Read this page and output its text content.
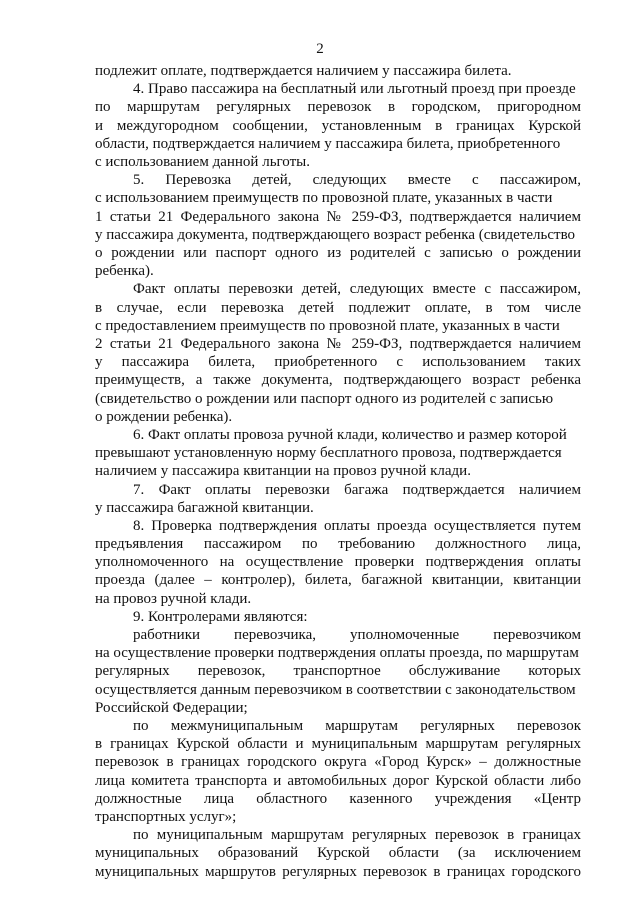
2
подлежит оплате, подтверждается наличием у пассажира билета.
4. Право пассажира на бесплатный или льготный проезд при проезде
по маршрутам регулярных перевозок в городском, пригородном
и междугородном сообщении, установленным в границах Курской
области, подтверждается наличием у пассажира билета, приобретенного
с использованием данной льготы.
5. Перевозка детей, следующих вместе с пассажиром,
с использованием преимуществ по провозной плате, указанных в части
1 статьи 21 Федерального закона № 259-ФЗ, подтверждается наличием
у пассажира документа, подтверждающего возраст ребенка (свидетельство
о рождении или паспорт одного из родителей с записью о рождении
ребенка).
Факт оплаты перевозки детей, следующих вместе с пассажиром,
в случае, если перевозка детей подлежит оплате, в том числе
с предоставлением преимуществ по провозной плате, указанных в части
2 статьи 21 Федерального закона № 259-ФЗ, подтверждается наличием
у пассажира билета, приобретенного с использованием таких
преимуществ, а также документа, подтверждающего возраст ребенка
(свидетельство о рождении или паспорт одного из родителей с записью
о рождении ребенка).
6. Факт оплаты провоза ручной клади, количество и размер которой
превышают установленную норму бесплатного провоза, подтверждается
наличием у пассажира квитанции на провоз ручной клади.
7. Факт оплаты перевозки багажа подтверждается наличием
у пассажира багажной квитанции.
8. Проверка подтверждения оплаты проезда осуществляется путем
предъявления пассажиром по требованию должностного лица,
уполномоченного на осуществление проверки подтверждения оплаты
проезда (далее – контролер), билета, багажной квитанции, квитанции
на провоз ручной клади.
9. Контролерами являются:
работники перевозчика, уполномоченные перевозчиком
на осуществление проверки подтверждения оплаты проезда, по маршрутам
регулярных перевозок, транспортное обслуживание которых
осуществляется данным перевозчиком в соответствии с законодательством
Российской Федерации;
по межмуниципальным маршрутам регулярных перевозок
в границах Курской области и муниципальным маршрутам регулярных
перевозок в границах городского округа «Город Курск» – должностные
лица комитета транспорта и автомобильных дорог Курской области либо
должностные лица областного казенного учреждения «Центр
транспортных услуг»;
по муниципальным маршрутам регулярных перевозок в границах
муниципальных образований Курской области (за исключением
муниципальных маршрутов регулярных перевозок в границах городского
